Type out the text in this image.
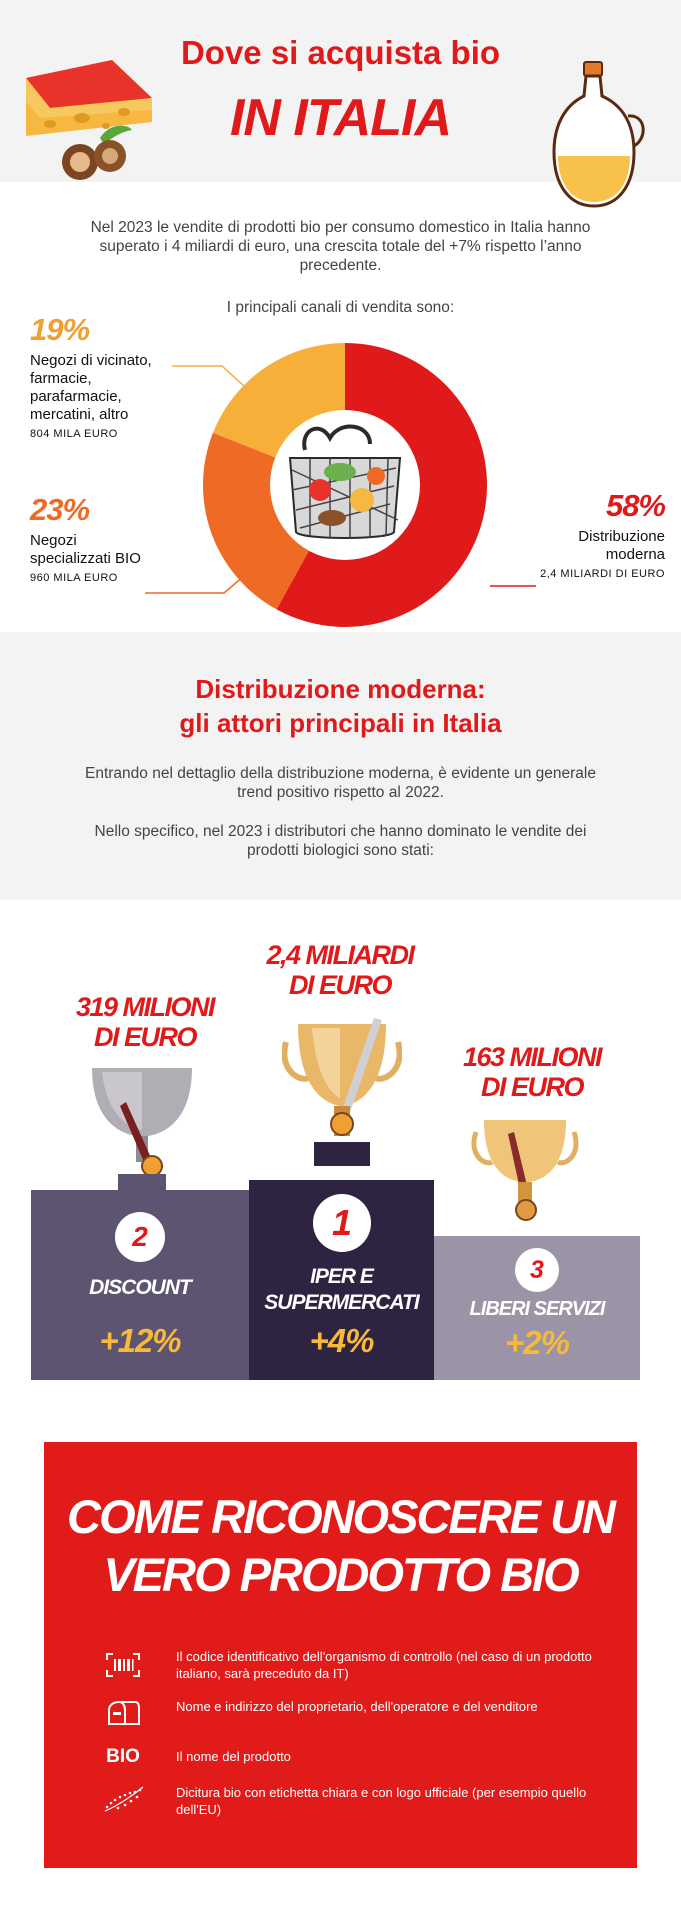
Dove si acquista bio
IN ITALIA
Nel 2023 le vendite di prodotti bio per consumo domestico in Italia hanno superato i 4 miliardi di euro, una crescita totale del +7% rispetto l’anno precedente.
I principali canali di vendita sono:
19%
Negozi di vicinato,
farmacie,
parafarmacie,
mercatini, altro
804 MILA EURO
23%
Negozi
specializzati BIO
960 MILA EURO
58%
Distribuzione
moderna
2,4 MILIARDI DI EURO
Distribuzione moderna:
gli attori principali in Italia
Entrando nel dettaglio della distribuzione moderna, è evidente un generale trend positivo rispetto al 2022.
Nello specifico, nel 2023 i distributori che hanno dominato le vendite dei prodotti biologici sono stati:
2,4 MILIARDI
DI EURO
319 MILIONI
DI EURO
163 MILIONI
DI EURO
2
DISCOUNT
+12%
1
IPER E
SUPERMERCATI
+4%
3
LIBERI SERVIZI
+2%
COME RICONOSCERE UN
VERO PRODOTTO BIO
Il codice identificativo dell'organismo di controllo (nel caso di un prodotto italiano, sarà preceduto da IT)
Nome e indirizzo del proprietario, dell'operatore e del venditore
BIO	Il nome del prodotto
Dicitura bio con etichetta chiara e con logo ufficiale (per esempio quello dell'EU)
